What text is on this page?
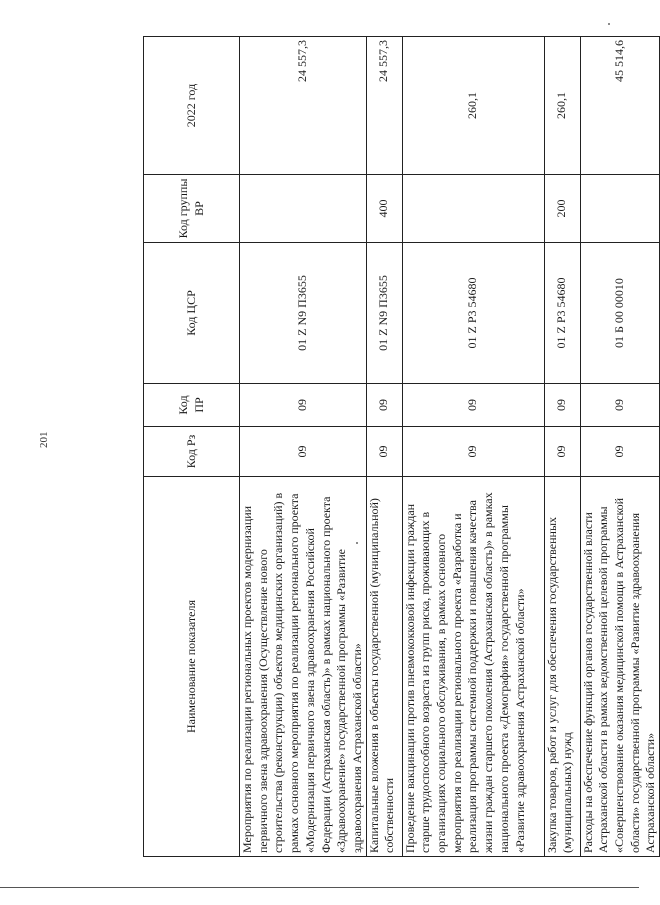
201
Наименование показателя	Код Рз	Код ПР	Код ЦСР	Код группы ВР	2022 год
Мероприятия по реализации региональных проектов модернизации первичного звена здравоохранения (Осуществление нового строительства (реконструкции) объектов медицинских организаций) в рамках основного мероприятия по реализации регионального проекта «Модернизация первичного звена здравоохранения Российской Федерации (Астраханская область)» в рамках национального проекта «Здравоохранение» государственной программы «Развитие здравоохранения Астраханской области»	09	09	01 Z N9 П3655		24 557,3
Капитальные вложения в объекты государственной (муниципальной) собственности	09	09	01 Z N9 П3655	400	24 557,3
Проведение вакцинации против пневмококковой инфекции граждан старше трудоспособного возраста из групп риска, проживающих в организациях социального обслуживания, в рамках основного мероприятия по реализации регионального проекта «Разработка и реализация программы системной поддержки и повышения качества жизни граждан старшего поколения (Астраханская область)» в рамках национального проекта «Демография» государственной программы «Развитие здравоохранения Астраханской области»	09	09	01 Z P3 54680		260,1
Закупка товаров, работ и услуг для обеспечения государственных (муниципальных) нужд	09	09	01 Z P3 54680	200	260,1
Расходы на обеспечение функций органов государственной власти Астраханской области в рамках ведомственной целевой программы «Совершенствование оказания медицинской помощи в Астраханской области» государственной программы «Развитие здравоохранения Астраханской области»	09	09	01 Б 00 00010		45 514,6
